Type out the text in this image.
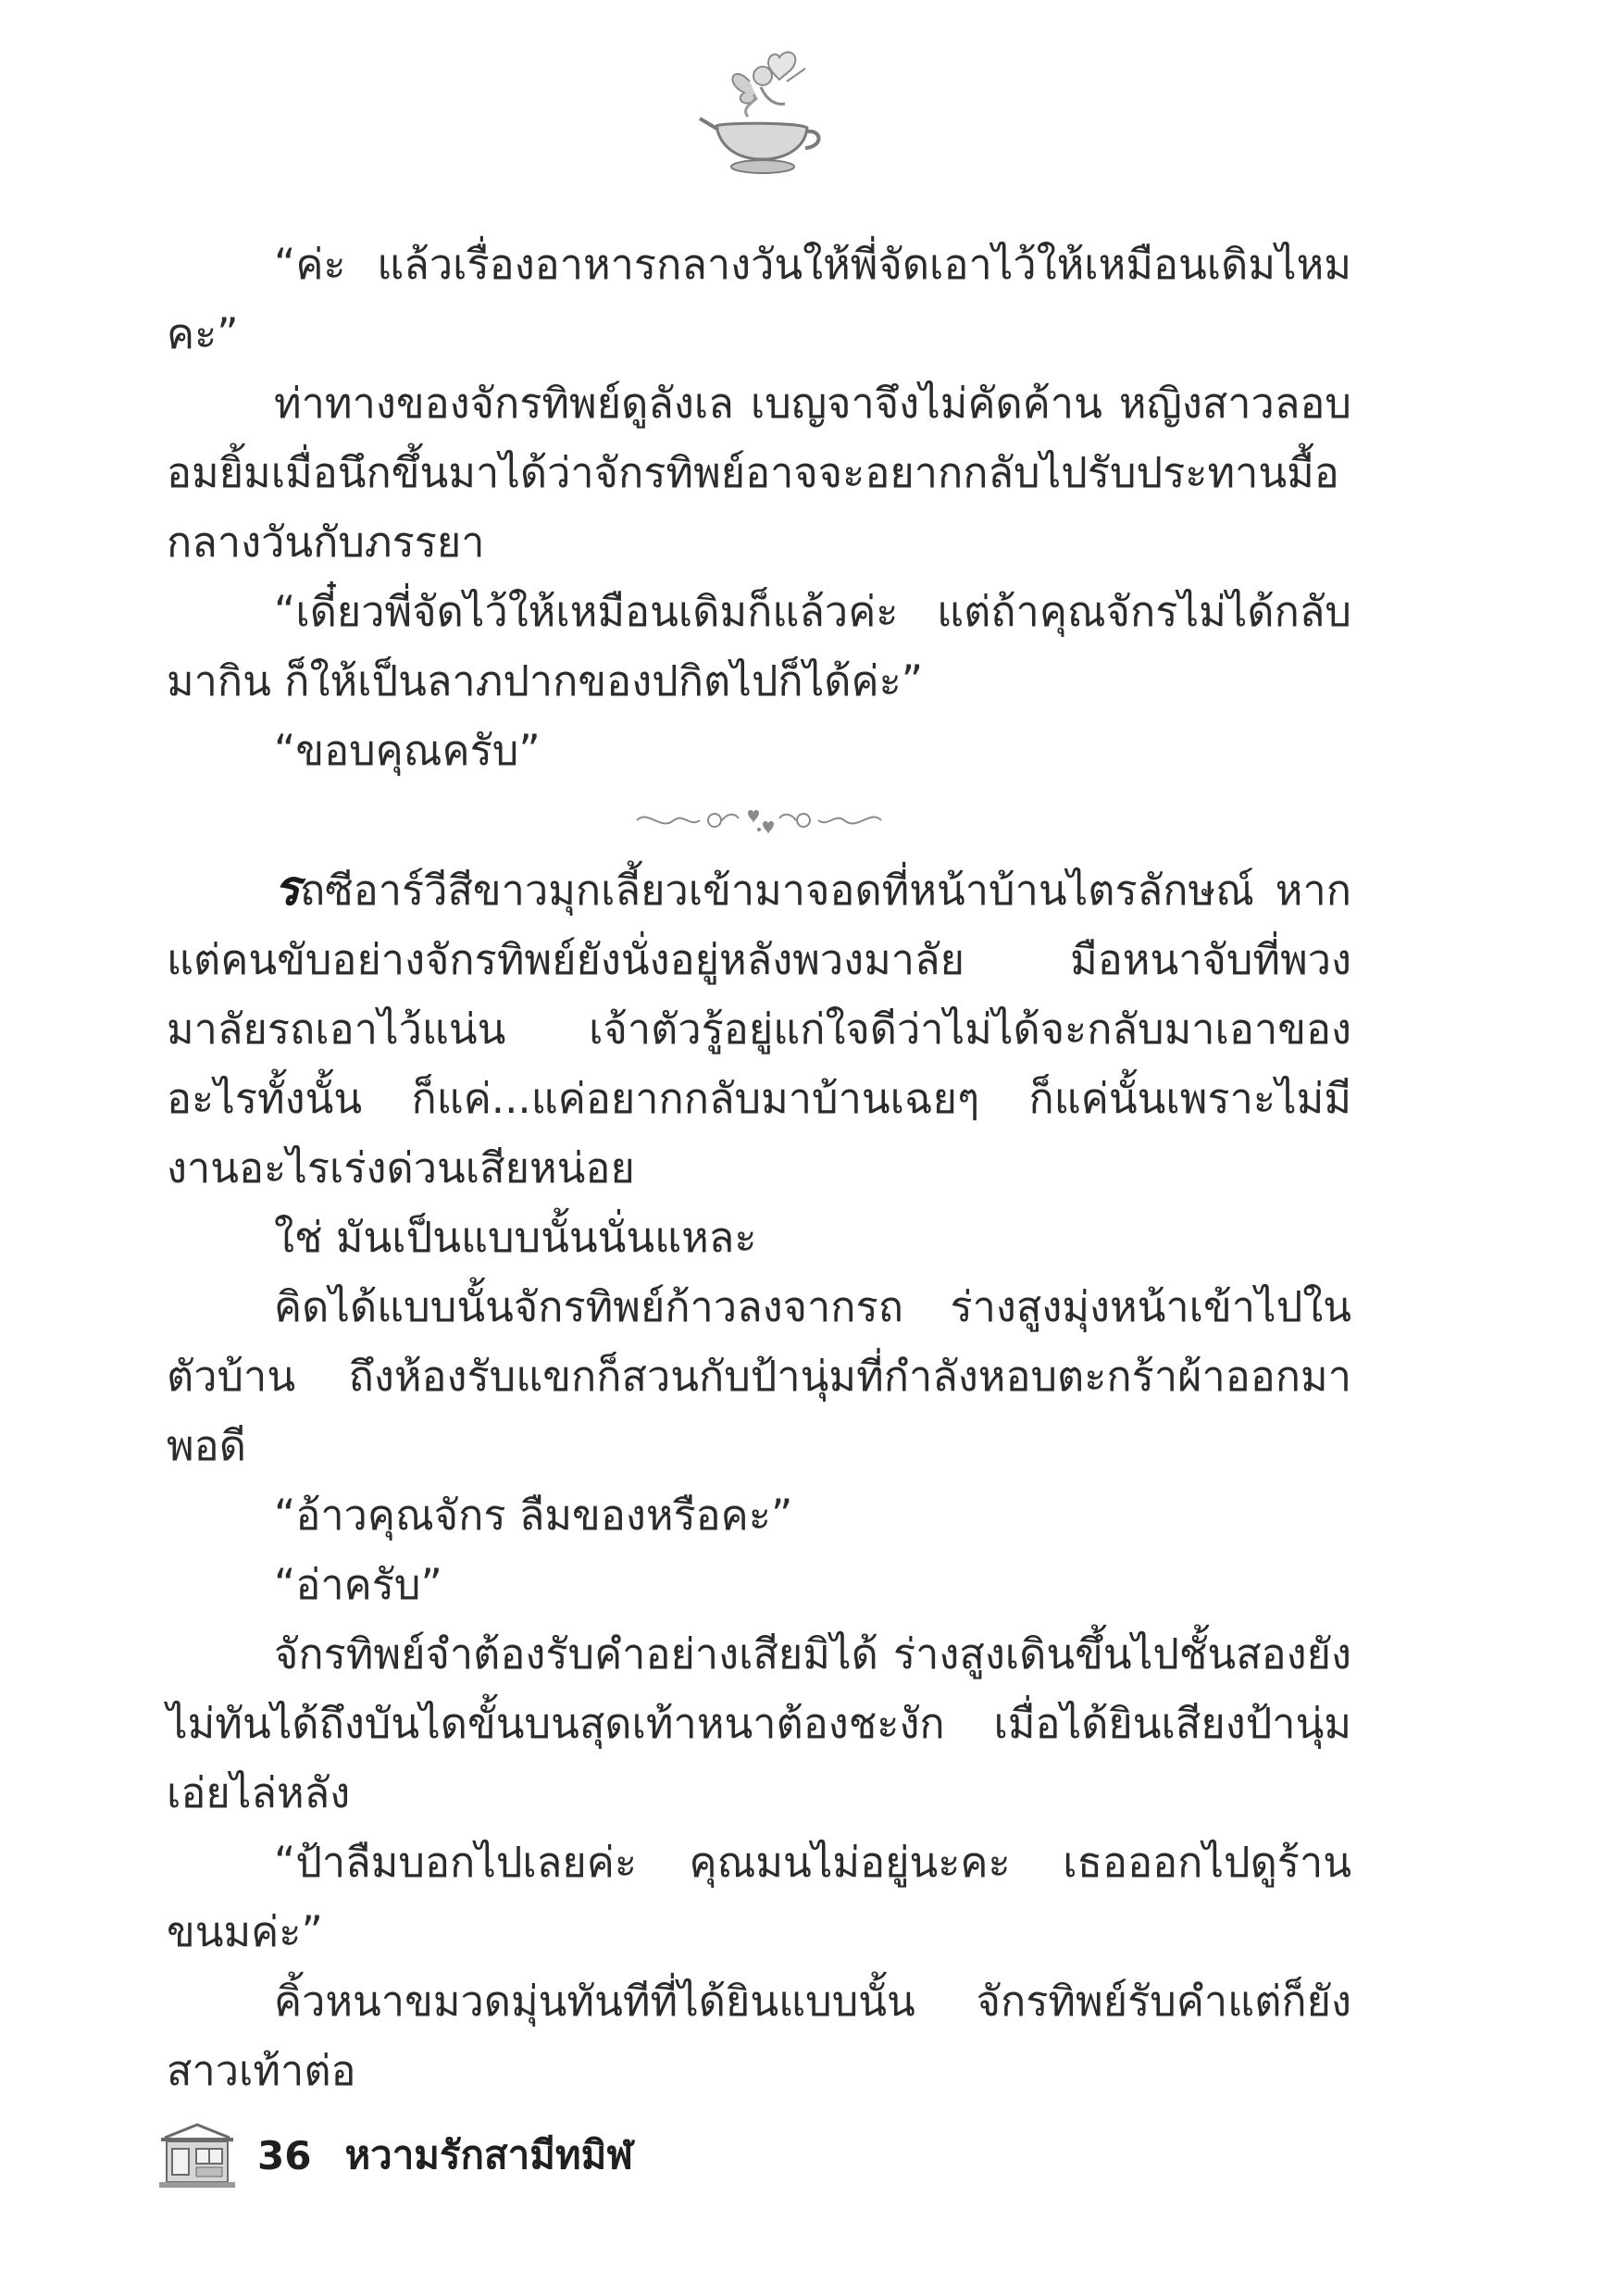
“ค่ะ แล้วเรื่องอาหารกลางวันให้พี่จัดเอาไว้ให้เหมือนเดิมไหมคะ”

ท่าทางของจักรทิพย์ดูลังเล เบญจาจึงไม่คัดค้าน หญิงสาวลอบอมยิ้มเมื่อนึกขึ้นมาได้ว่าจักรทิพย์อาจจะอยากกลับไปรับประทานมื้อกลางวันกับภรรยา

“เดี๋ยวพี่จัดไว้ให้เหมือนเดิมก็แล้วค่ะ แต่ถ้าคุณจักรไม่ได้กลับมากิน ก็ให้เป็นลาภปากของปกิตไปก็ได้ค่ะ”

“ขอบคุณครับ”

รถซีอาร์วีสีขาวมุกเลี้ยวเข้ามาจอดที่หน้าบ้านไตรลักษณ์ หากแต่คนขับอย่างจักรทิพย์ยังนั่งอยู่หลังพวงมาลัย มือหนาจับที่พวงมาลัยรถเอาไว้แน่น เจ้าตัวรู้อยู่แก่ใจดีว่าไม่ได้จะกลับมาเอาของอะไรทั้งนั้น ก็แค่...แค่อยากกลับมาบ้านเฉยๆ ก็แค่นั้นเพราะไม่มีงานอะไรเร่งด่วนเสียหน่อย

ใช่ มันเป็นแบบนั้นนั่นแหละ

คิดได้แบบนั้นจักรทิพย์ก้าวลงจากรถ ร่างสูงมุ่งหน้าเข้าไปในตัวบ้าน ถึงห้องรับแขกก็สวนกับป้านุ่มที่กำลังหอบตะกร้าผ้าออกมาพอดี

“อ้าวคุณจักร ลืมของหรือคะ”

“อ่าครับ”

จักรทิพย์จำต้องรับคำอย่างเสียมิได้ ร่างสูงเดินขึ้นไปชั้นสองยังไม่ทันได้ถึงบันไดขั้นบนสุดเท้าหนาต้องชะงัก เมื่อได้ยินเสียงป้านุ่มเอ่ยไล่หลัง

“ป้าลืมบอกไปเลยค่ะ คุณมนไม่อยู่นะคะ เธอออกไปดูร้านขนมค่ะ”

คิ้วหนาขมวดมุ่นทันทีที่ได้ยินแบบนั้น จักรทิพย์รับคำแต่ก็ยังสาวเท้าต่อ

36 หวามรักสามีทมิฬ
